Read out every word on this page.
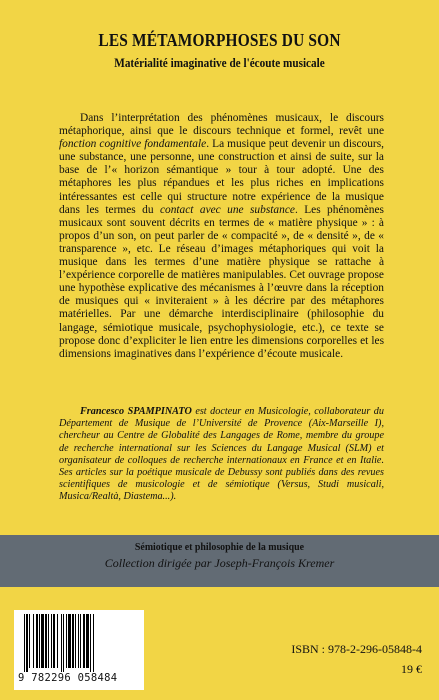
LES MÉTAMORPHOSES DU SON
Matérialité imaginative de l'écoute musicale

Dans l’interprétation des phénomènes musicaux, le discours métaphorique, ainsi que le discours technique et formel, revêt une fonction cognitive fondamentale. La musique peut devenir un discours, une substance, une personne, une construction et ainsi de suite, sur la base de l’« horizon sémantique » tour à tour adopté. Une des métaphores les plus répandues et les plus riches en implications intéressantes est celle qui structure notre expérience de la musique dans les termes du contact avec une substance. Les phénomènes musicaux sont souvent décrits en termes de « matière physique » : à propos d’un son, on peut parler de « compacité », de « densité », de « transparence », etc. Le réseau d’images métaphoriques qui voit la musique dans les termes d’une matière physique se rattache à l’expérience corporelle de matières manipulables. Cet ouvrage propose une hypothèse explicative des mécanismes à l’œuvre dans la réception de musiques qui « inviteraient » à les décrire par des métaphores matérielles. Par une démarche interdisciplinaire (philosophie du langage, sémiotique musicale, psychophysiologie, etc.), ce texte se propose donc d’expliciter le lien entre les dimensions corporelles et les dimensions imaginatives dans l’expérience d’écoute musicale.

Francesco SPAMPINATO est docteur en Musicologie, collaborateur du Département de Musique de l’Université de Provence (Aix-Marseille I), chercheur au Centre de Globalité des Langages de Rome, membre du groupe de recherche international sur les Sciences du Langage Musical (SLM) et organisateur de colloques de recherche internationaux en France et en Italie. Ses articles sur la poétique musicale de Debussy sont publiés dans des revues scientifiques de musicologie et de sémiotique (Versus, Studi musicali, Musica/Realtà, Diastema...).

Sémiotique et philosophie de la musique
Collection dirigée par Joseph-François Kremer
9 782296 058484
ISBN : 978-2-296-05848-4
19 €
